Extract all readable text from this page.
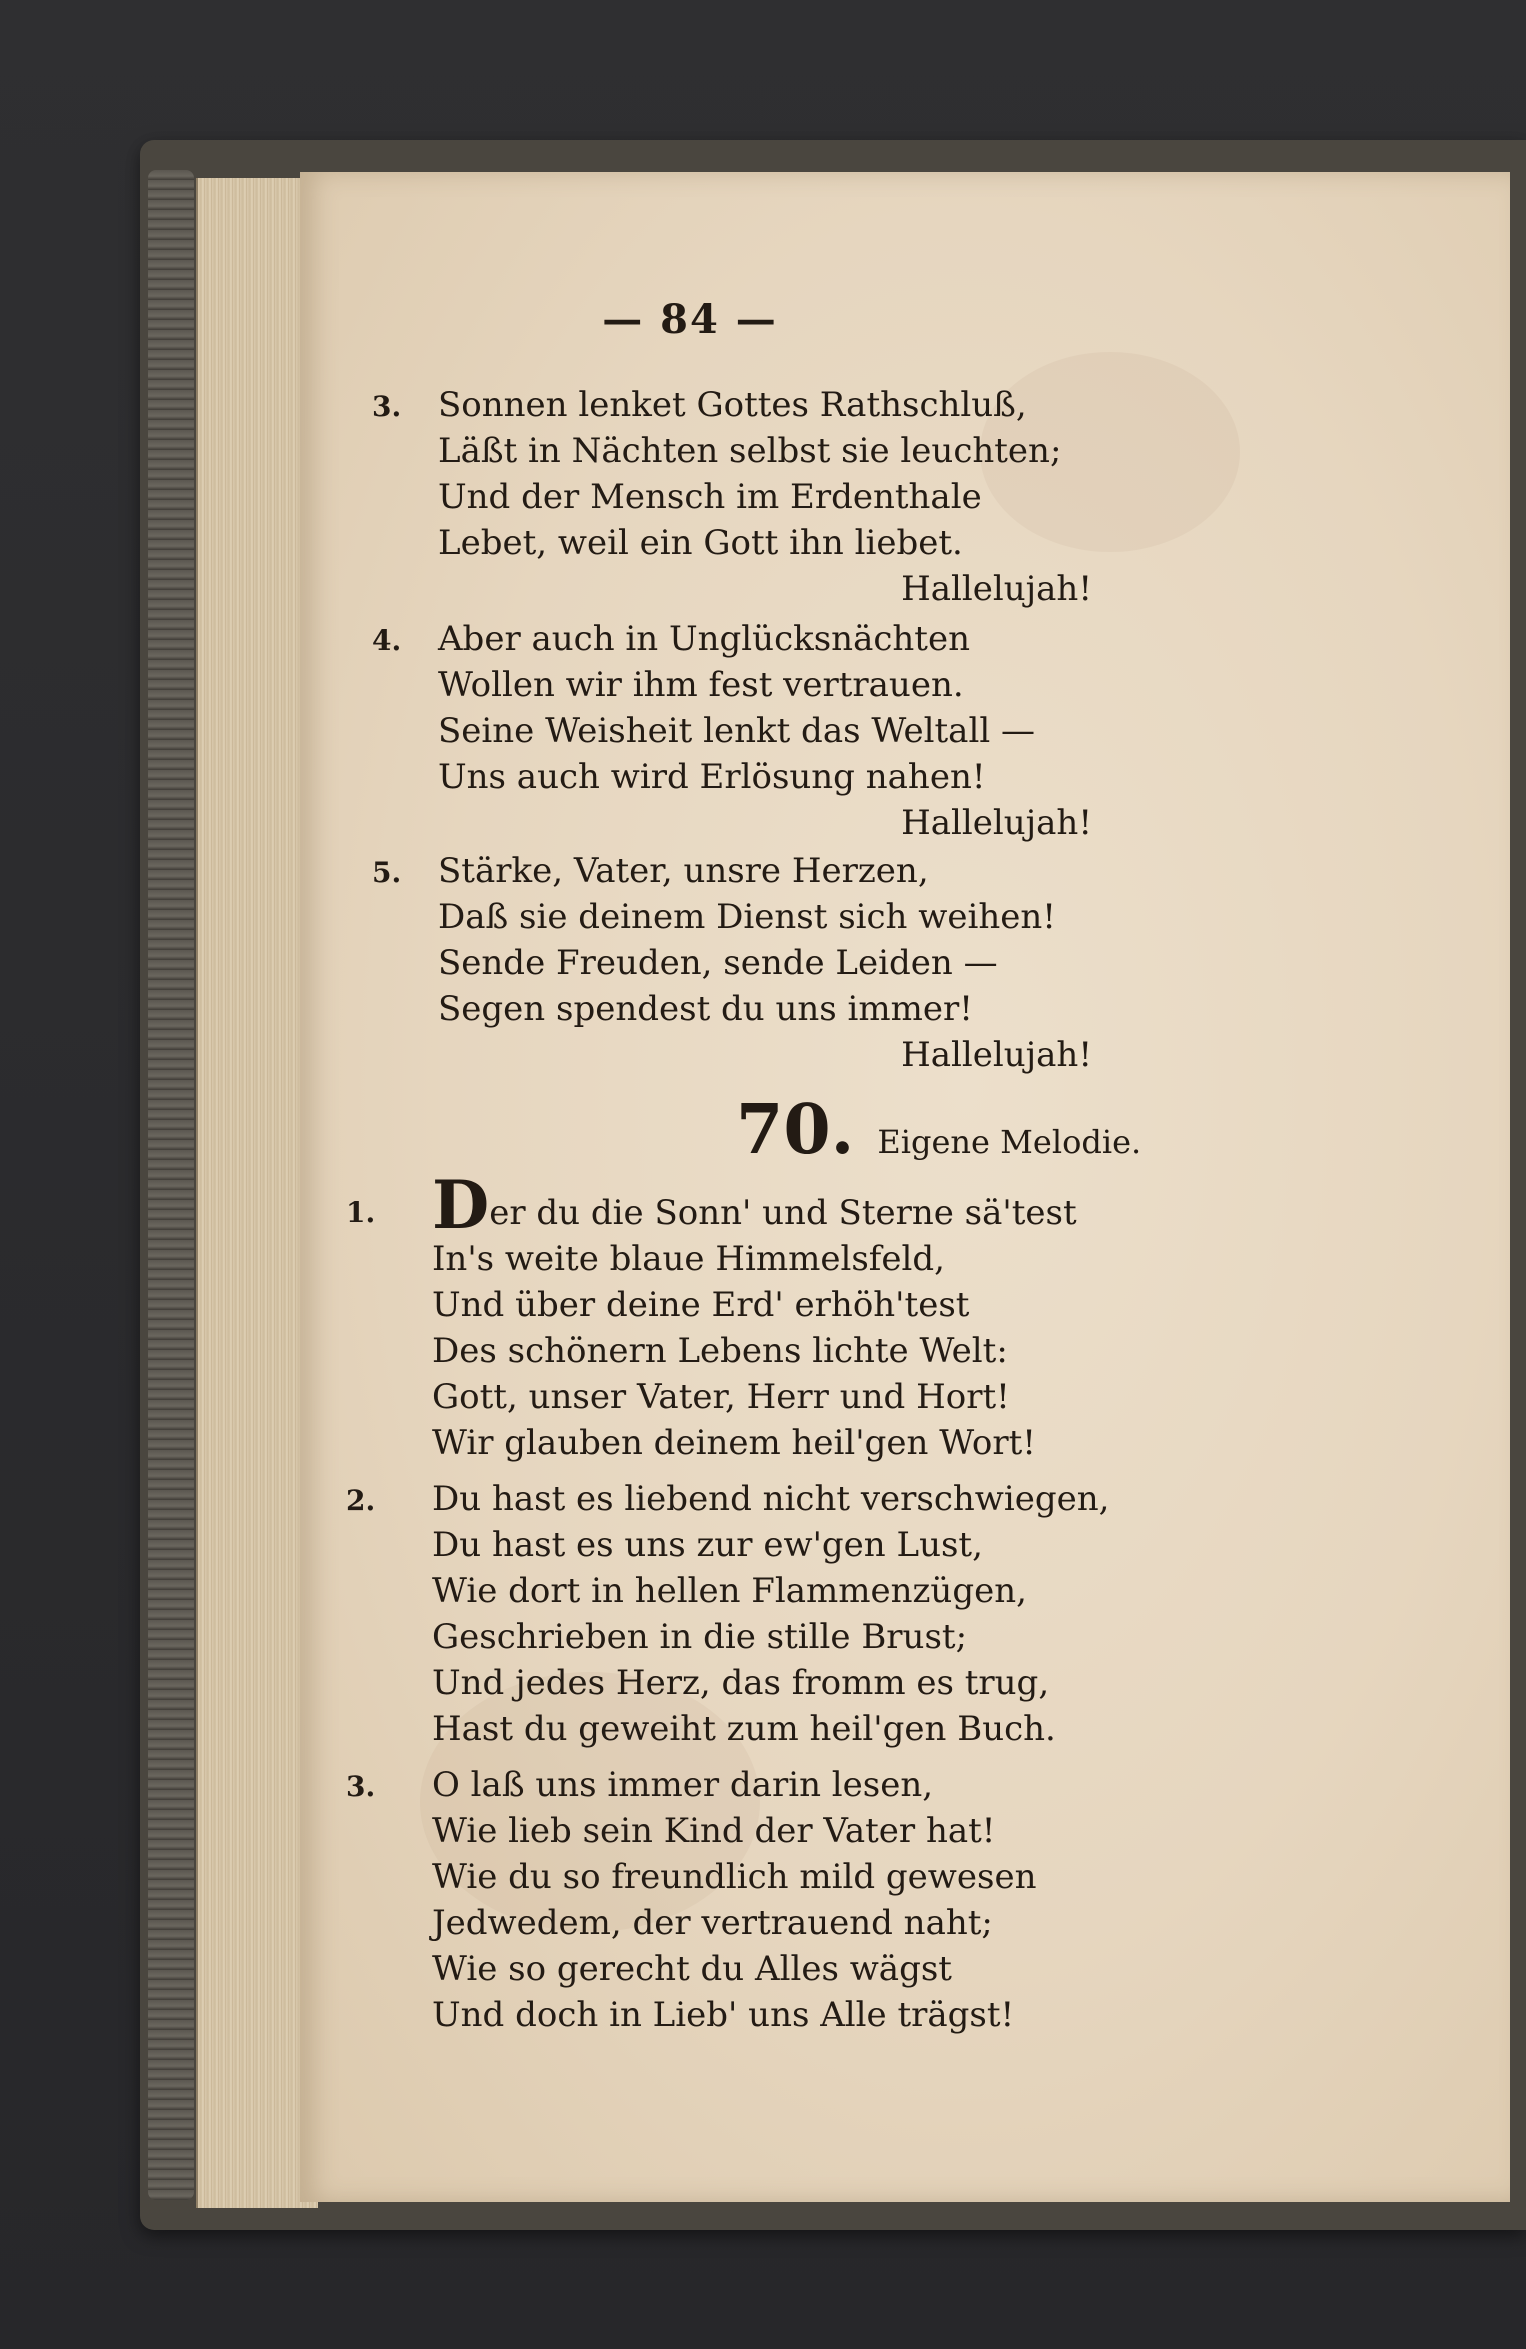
— 84 —
3.	Sonnen lenket Gottes Rathschluß,
Läßt in Nächten selbst sie leuchten;
Und der Mensch im Erdenthale
Lebet, weil ein Gott ihn liebet.
Hallelujah!
4.	Aber auch in Unglücksnächten
Wollen wir ihm fest vertrauen.
Seine Weisheit lenkt das Weltall —
Uns auch wird Erlösung nahen!
Hallelujah!
5.	Stärke, Vater, unsre Herzen,
Daß sie deinem Dienst sich weihen!
Sende Freuden, sende Leiden —
Segen spendest du uns immer!
Hallelujah!
70. Eigene Melodie.
1. Der du die Sonn' und Sterne sä'test
In's weite blaue Himmelsfeld,
Und über deine Erd' erhöh'test
Des schönern Lebens lichte Welt:
Gott, unser Vater, Herr und Hort!
Wir glauben deinem heil'gen Wort!
2.	Du hast es liebend nicht verschwiegen,
Du hast es uns zur ew'gen Lust,
Wie dort in hellen Flammenzügen,
Geschrieben in die stille Brust;
Und jedes Herz, das fromm es trug,
Hast du geweiht zum heil'gen Buch.
3.	O laß uns immer darin lesen,
Wie lieb sein Kind der Vater hat!
Wie du so freundlich mild gewesen
Jedwedem, der vertrauend naht;
Wie so gerecht du Alles wägst
Und doch in Lieb' uns Alle trägst!
